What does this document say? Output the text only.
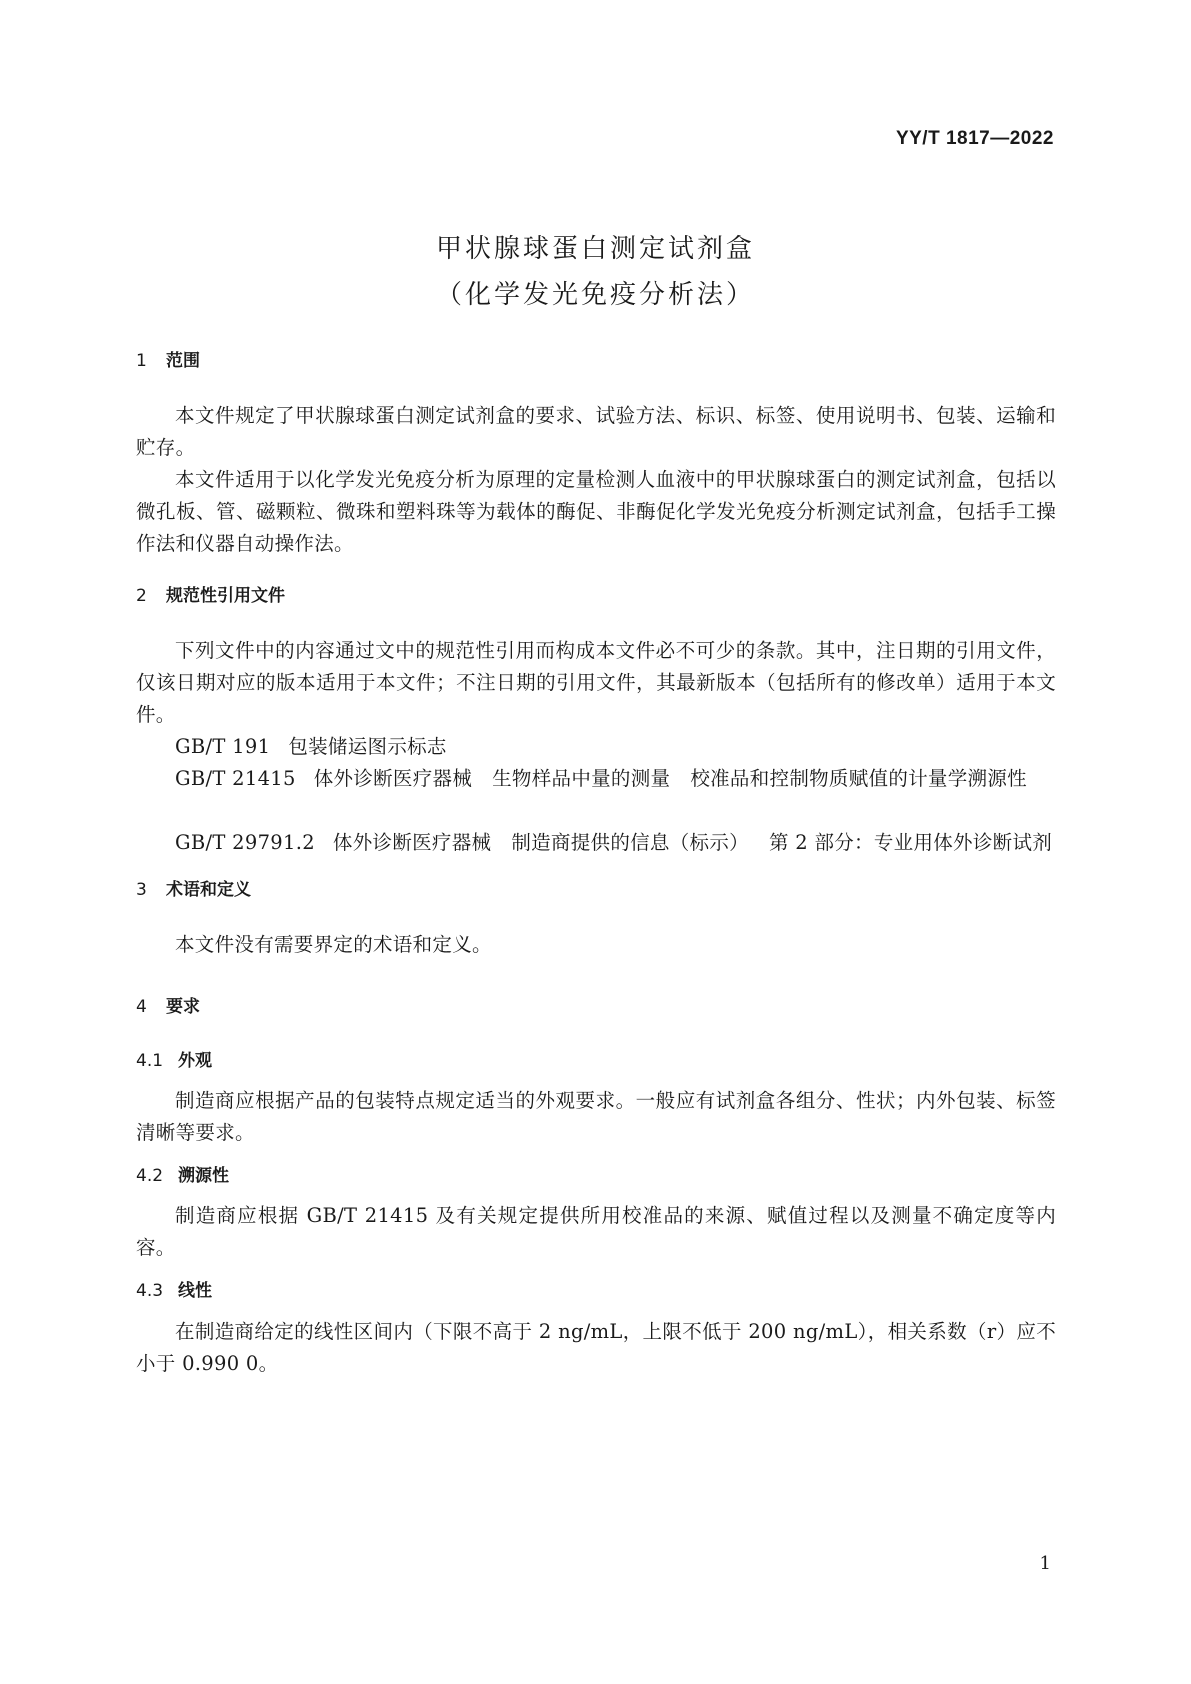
YY/T 1817—2022
甲状腺球蛋白测定试剂盒
（化学发光免疫分析法）
1 范围

本文件规定了甲状腺球蛋白测定试剂盒的要求、试验方法、标识、标签、使用说明书、包装、运输和贮存。

本文件适用于以化学发光免疫分析为原理的定量检测人血液中的甲状腺球蛋白的测定试剂盒，包括以微孔板、管、磁颗粒、微珠和塑料珠等为载体的酶促、非酶促化学发光免疫分析测定试剂盒，包括手工操作法和仪器自动操作法。

2 规范性引用文件

下列文件中的内容通过文中的规范性引用而构成本文件必不可少的条款。其中，注日期的引用文件，仅该日期对应的版本适用于本文件；不注日期的引用文件，其最新版本（包括所有的修改单）适用于本文件。

GB/T 191 包装储运图示标志

GB/T 21415 体外诊断医疗器械 生物样品中量的测量 校准品和控制物质赋值的计量学溯源性

GB/T 29791.2 体外诊断医疗器械 制造商提供的信息（标示） 第 2 部分：专业用体外诊断试剂

3 术语和定义

本文件没有需要界定的术语和定义。

4 要求
4.1 外观

制造商应根据产品的包装特点规定适当的外观要求。一般应有试剂盒各组分、性状；内外包装、标签清晰等要求。

4.2 溯源性

制造商应根据 GB/T 21415 及有关规定提供所用校准品的来源、赋值过程以及测量不确定度等内容。

4.3 线性

在制造商给定的线性区间内（下限不高于 2 ng/mL，上限不低于 200 ng/mL），相关系数（r）应不小于 0.990 0。

1
